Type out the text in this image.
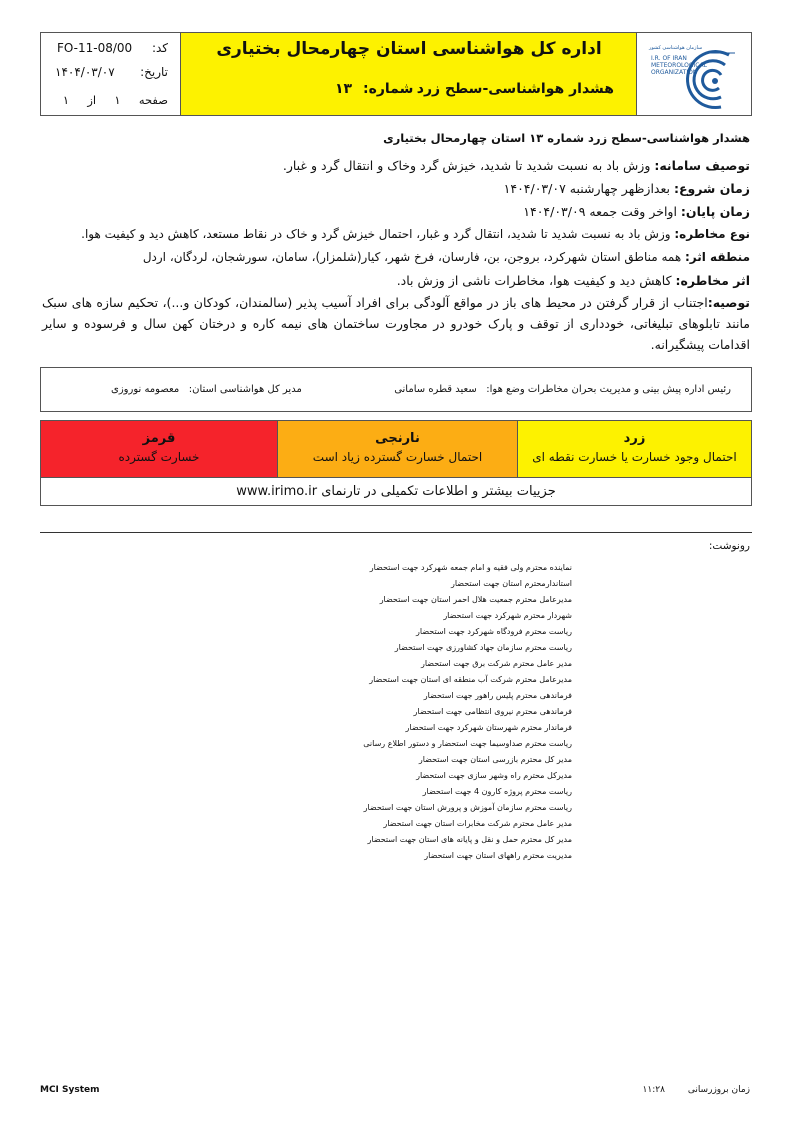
کد:
FO-11-08/00
تاریخ:
۱۴۰۴/۰۳/۰۷
صفحه     ۱     از     ۱
اداره کل هواشناسی استان چهارمحال بختیاری
هشدار هواشناسی-سطح زرد
شماره:
۱۳
سازمان هواشناسی کشور
I.R. OF IRAN
METEOROLOGICAL
ORGANIZATION
هشدار هواشناسی-سطح زرد شماره ۱۳ استان چهارمحال بختیاری
توصیف سامانه: وزش باد به نسبت شدید تا شدید، خیزش گرد وخاک و انتقال گرد و غبار.
زمان شروع: بعدازظهر چهارشنبه ۱۴۰۴/۰۳/۰۷
زمان پایان: اواخر وقت جمعه ۱۴۰۴/۰۳/۰۹
نوع مخاطره: وزش باد به نسبت شدید تا شدید، انتقال گرد و غبار، احتمال خیزش گرد و خاک در نقاط مستعد، کاهش دید و کیفیت هوا.
منطقه اثر: همه مناطق استان شهرکرد، بروجن، بن، فارسان، فرخ شهر، کیار(شلمزار)، سامان، سورشجان، لردگان، اردل
اثر مخاطره: کاهش دید و کیفیت هوا، مخاطرات ناشی از وزش باد.
توصیه:اجتناب از قرار گرفتن در محیط های باز در مواقع آلودگی برای افراد آسیب پذیر (سالمندان، کودکان و...)، تحکیم سازه های سبک مانند تابلوهای تبلیغاتی، خودداری از توقف و پارک خودرو در مجاورت ساختمان های نیمه کاره و درختان کهن سال و فرسوده و سایر اقدامات پیشگیرانه.
رئیس اداره پیش بینی و مدیریت بحران مخاطرات وضع هوا:   سعید قطره سامانی
مدیر کل هواشناسی استان:   معصومه نوروزی
زرد
احتمال وجود خسارت یا خسارت نقطه ای
نارنجی
احتمال خسارت گسترده زیاد است
قرمز
خسارت گسترده
جزییات بیشتر و اطلاعات تکمیلی در تارنمای www.irimo.ir
رونوشت:
نماینده محترم ولی فقیه و امام جمعه شهرکرد جهت استحضار
استاندارمحترم استان جهت استحضار
مدیرعامل محترم جمعیت هلال احمر استان جهت استحضار
شهردار محترم شهرکرد جهت استحضار
ریاست محترم فرودگاه شهرکرد جهت استحضار
ریاست محترم سازمان جهاد کشاورزی جهت استحضار
مدیر عامل محترم شرکت برق جهت استحضار
مدیرعامل محترم شرکت آب منطقه ای استان جهت استحضار
فرماندهی محترم پلیس راهور جهت استحضار
فرماندهی محترم نیروی انتظامی جهت استحضار
فرماندار محترم شهرستان شهرکرد جهت استحضار
ریاست محترم صداوسیما جهت استحضار و دستور اطلاع رسانی
مدیر کل محترم بازرسی استان جهت استحضار
مدیرکل محترم راه وشهر سازی جهت استحضار
ریاست محترم پروژه کارون 4 جهت استحضار
ریاست محترم سازمان آموزش و پرورش استان جهت استحضار
مدیر عامل محترم شرکت مخابرات استان جهت استحضار
مدیر کل محترم حمل و نقل و پایانه های استان جهت استحضار
مدیریت محترم راههای استان جهت استحضار
MCI System	زمان بروزرسانی        ۱۱:۲۸
